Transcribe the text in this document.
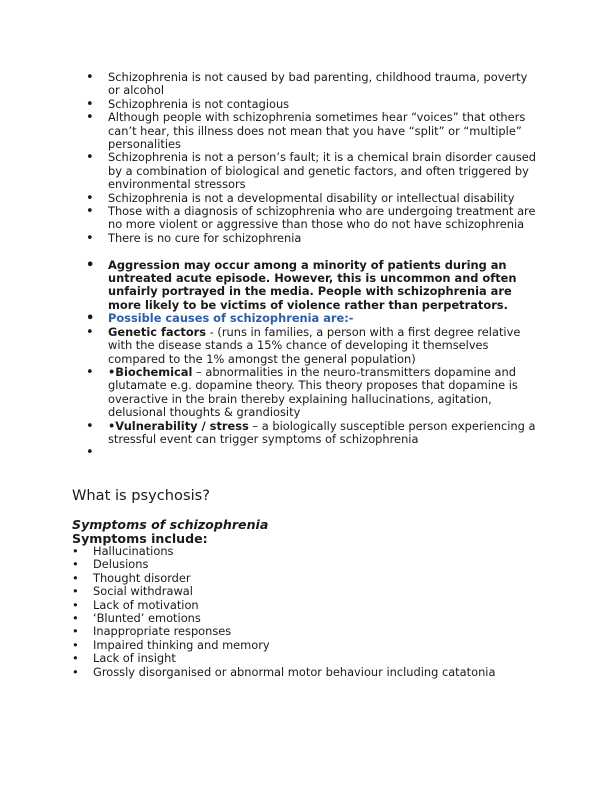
• Schizophrenia is not caused by bad parenting, childhood trauma, poverty or alcohol
• Schizophrenia is not contagious
• Although people with schizophrenia sometimes hear “voices” that others can’t hear, this illness does not mean that you have “split” or “multiple” personalities
• Schizophrenia is not a person’s fault; it is a chemical brain disorder caused by a combination of biological and genetic factors, and often triggered by environmental stressors
• Schizophrenia is not a developmental disability or intellectual disability
• Those with a diagnosis of schizophrenia who are undergoing treatment are no more violent or aggressive than those who do not have schizophrenia
• There is no cure for schizophrenia
• Aggression may occur among a minority of patients during an untreated acute episode. However, this is uncommon and often unfairly portrayed in the media. People with schizophrenia are more likely to be victims of violence rather than perpetrators.
• Possible causes of schizophrenia are:-
• Genetic factors - (runs in families, a person with a first degree relative with the disease stands a 15% chance of developing it themselves compared to the 1% amongst the general population)
• •Biochemical – abnormalities in the neuro-transmitters dopamine and glutamate e.g. dopamine theory. This theory proposes that dopamine is overactive in the brain thereby explaining hallucinations, agitation, delusional thoughts & grandiosity
• •Vulnerability / stress – a biologically susceptible person experiencing a stressful event can trigger symptoms of schizophrenia
•
What is psychosis?
Symptoms of schizophrenia
Symptoms include:
• Hallucinations
• Delusions
• Thought disorder
• Social withdrawal
• Lack of motivation
• ‘Blunted’ emotions
• Inappropriate responses
• Impaired thinking and memory
• Lack of insight
• Grossly disorganised or abnormal motor behaviour including catatonia
